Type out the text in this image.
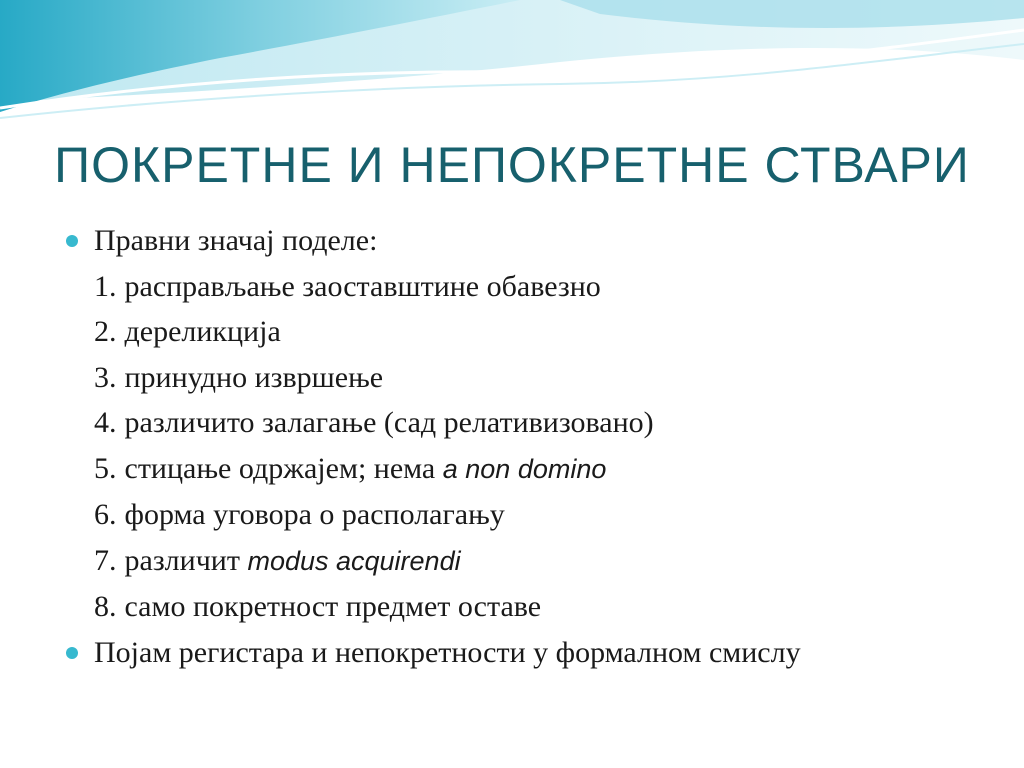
ПОКРЕТНЕ И НЕПОКРЕТНЕ СТВАРИ
Правни значај поделе:
1. расправљање заоставштине обавезно
2. дереликција
3. принудно извршење
4. различито залагање (сад релативизовано)
5. стицање одржајем; нема a non domino
6. форма уговора о располагању
7. различит modus acquirendi
8. само покретност предмет оставе
Појам регистара и непокретности у формалном смислу
